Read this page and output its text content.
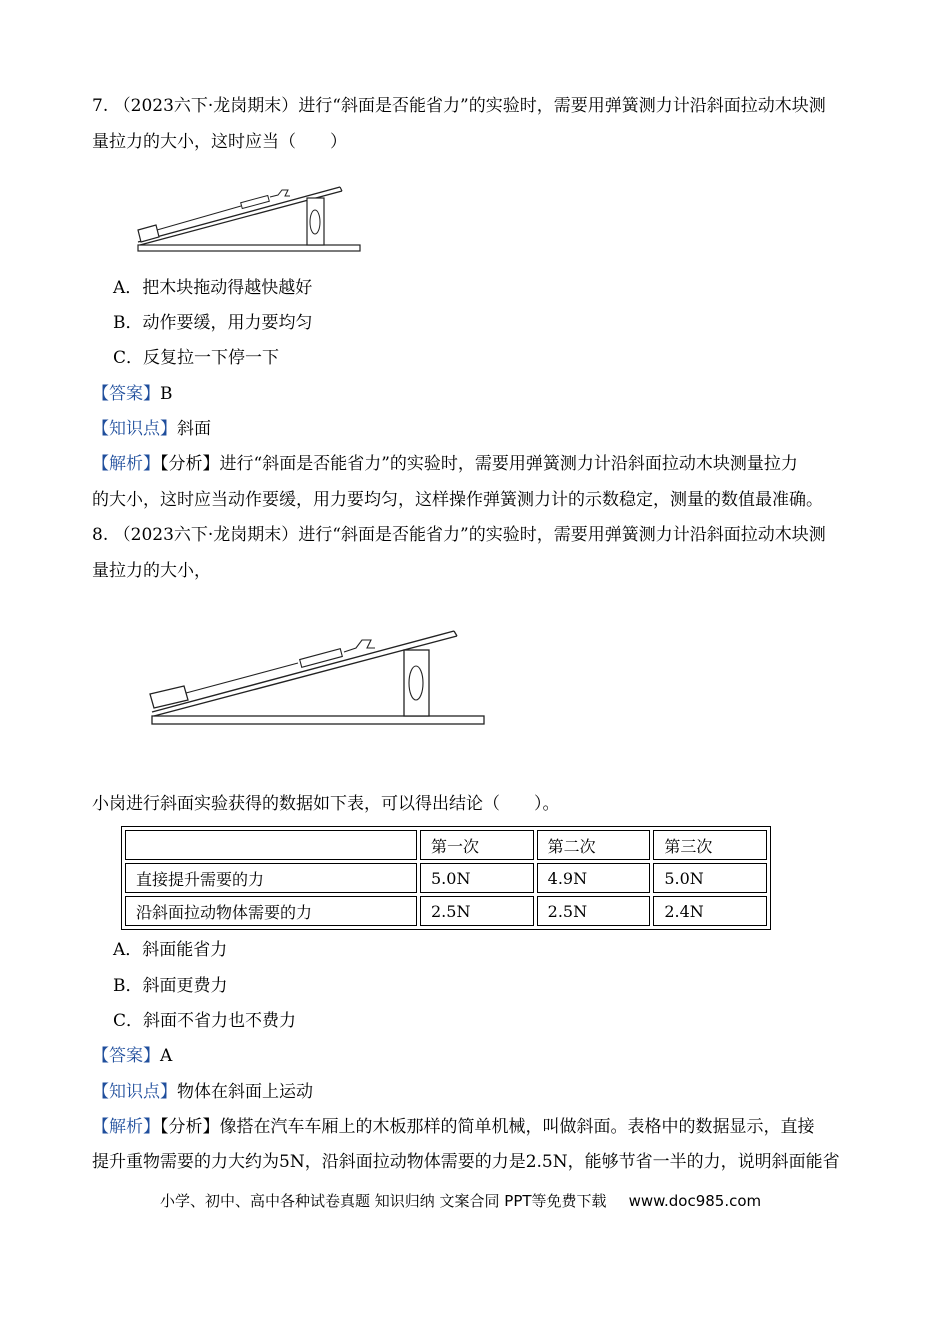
7. （2023六下·龙岗期末）进行“斜面是否能省力”的实验时，需要用弹簧测力计沿斜面拉动木块测
量拉力的大小，这时应当（　　）
A．把木块拖动得越快越好
B．动作要缓，用力要均匀
C．反复拉一下停一下
【答案】B
【知识点】斜面
【解析】【分析】进行“斜面是否能省力”的实验时，需要用弹簧测力计沿斜面拉动木块测量拉力
的大小，这时应当动作要缓，用力要均匀，这样操作弹簧测力计的示数稳定，测量的数值最准确。
8. （2023六下·龙岗期末）进行“斜面是否能省力”的实验时，需要用弹簧测力计沿斜面拉动木块测
量拉力的大小，
小岗进行斜面实验获得的数据如下表，可以得出结论（　　）。
	第一次	第二次	第三次
直接提升需要的力	5.0N	4.9N	5.0N
沿斜面拉动物体需要的力	2.5N	2.5N	2.4N
A．斜面能省力
B．斜面更费力
C．斜面不省力也不费力
【答案】A
【知识点】物体在斜面上运动
【解析】【分析】像搭在汽车车厢上的木板那样的简单机械，叫做斜面。表格中的数据显示，直接
提升重物需要的力大约为5N，沿斜面拉动物体需要的力是2.5N，能够节省一半的力，说明斜面能省
小学、初中、高中各种试卷真题 知识归纳 文案合同 PPT等免费下载 www.doc985.com
